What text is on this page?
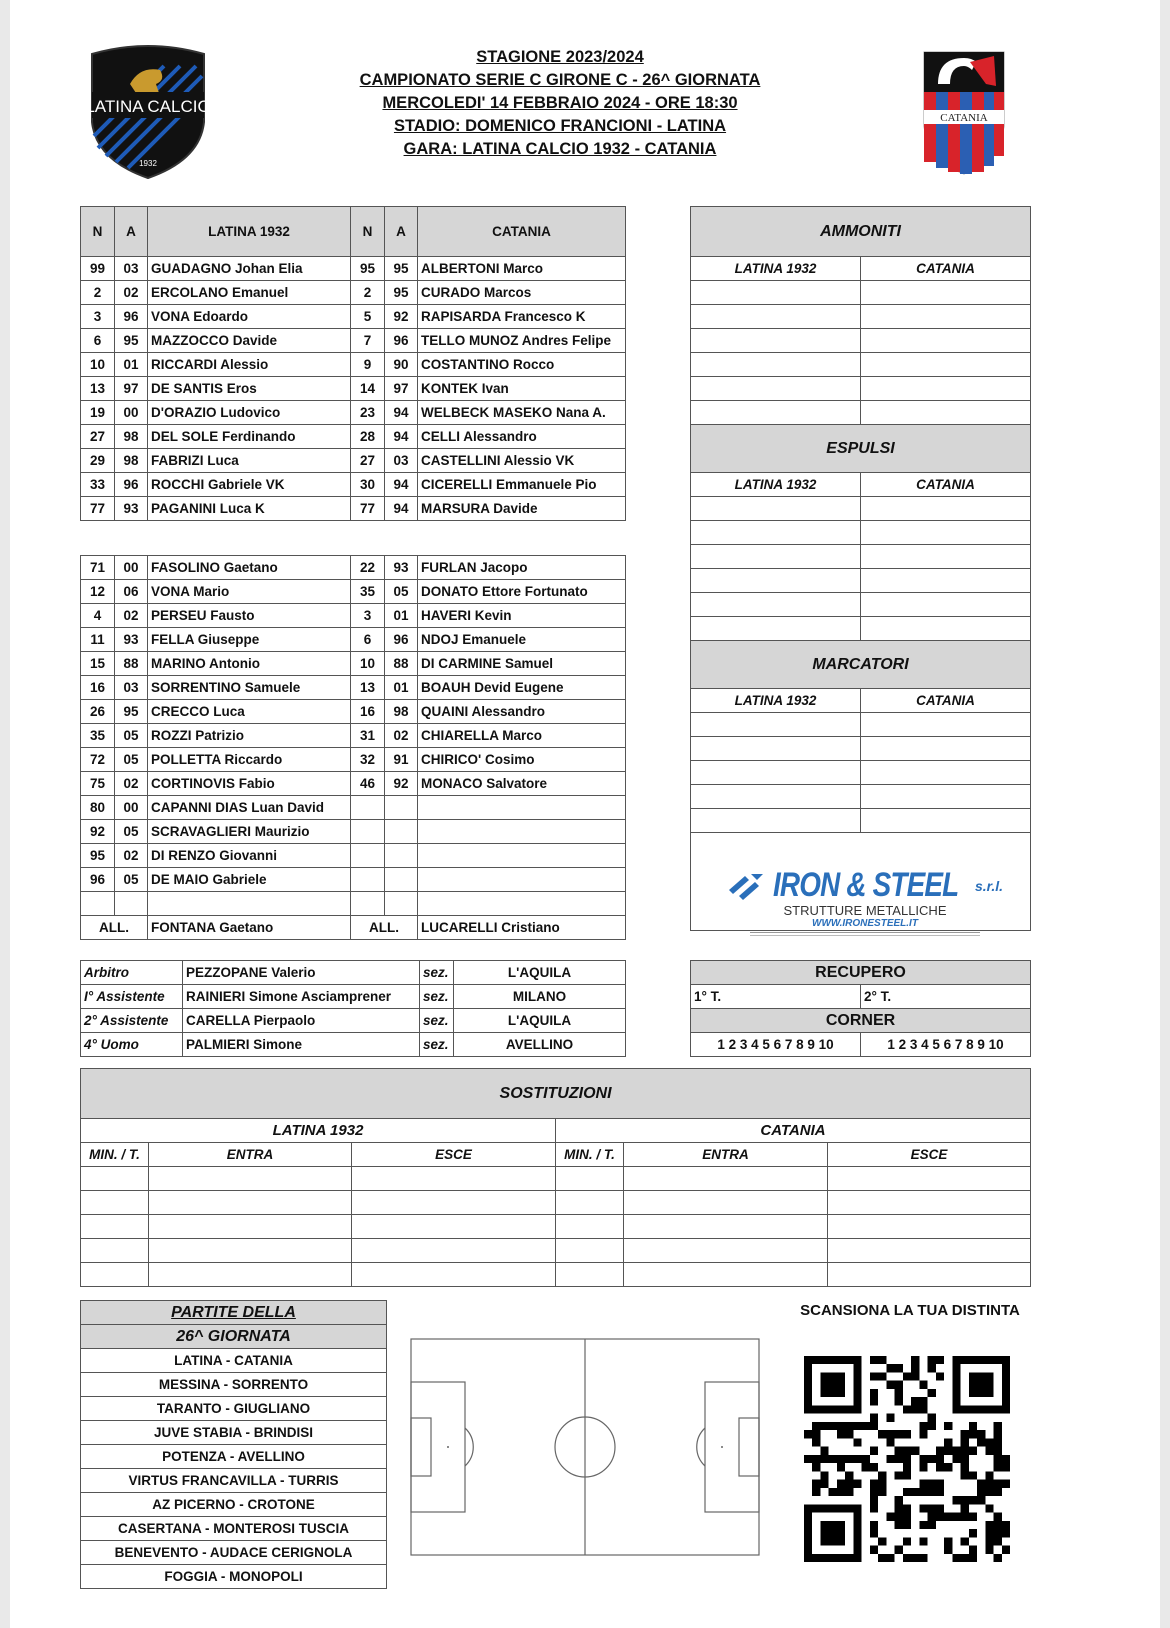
LATINA CALCIO
1932
STAGIONE 2023/2024
CAMPIONATO SERIE C GIRONE C - 26^ GIORNATA
MERCOLEDI' 14 FEBBRAIO 2024 - ORE 18:30
STADIO: DOMENICO FRANCIONI - LATINA
GARA: LATINA CALCIO 1932 - CATANIA
CATANIA
N	A	LATINA 1932	N	A	CATANIA
99	03	GUADAGNO Johan Elia	95	95	ALBERTONI Marco
2	02	ERCOLANO Emanuel	2	95	CURADO Marcos
3	96	VONA Edoardo	5	92	RAPISARDA Francesco K
6	95	MAZZOCCO Davide	7	96	TELLO MUNOZ Andres Felipe
10	01	RICCARDI Alessio	9	90	COSTANTINO Rocco
13	97	DE SANTIS Eros	14	97	KONTEK Ivan
19	00	D'ORAZIO Ludovico	23	94	WELBECK MASEKO Nana A.
27	98	DEL SOLE Ferdinando	28	94	CELLI Alessandro
29	98	FABRIZI Luca	27	03	CASTELLINI Alessio VK
33	96	ROCCHI Gabriele VK	30	94	CICERELLI Emmanuele Pio
77	93	PAGANINI Luca K	77	94	MARSURA Davide
71	00	FASOLINO Gaetano	22	93	FURLAN Jacopo
12	06	VONA Mario	35	05	DONATO Ettore Fortunato
4	02	PERSEU Fausto	3	01	HAVERI Kevin
11	93	FELLA Giuseppe	6	96	NDOJ Emanuele
15	88	MARINO Antonio	10	88	DI CARMINE Samuel
16	03	SORRENTINO Samuele	13	01	BOAUH Devid Eugene
26	95	CRECCO Luca	16	98	QUAINI Alessandro
35	05	ROZZI Patrizio	31	02	CHIARELLA Marco
72	05	POLLETTA Riccardo	32	91	CHIRICO' Cosimo
75	02	CORTINOVIS Fabio	46	92	MONACO Salvatore
80	00	CAPANNI DIAS Luan David			
92	05	SCRAVAGLIERI Maurizio			
95	02	DI RENZO Giovanni			
96	05	DE MAIO Gabriele			

ALL.		FONTANA Gaetano	ALL.		LUCARELLI Cristiano
AMMONITI	
LATINA 1932	CATANIA

ESPULSI	
LATINA 1932	CATANIA

MARCATORI	
LATINA 1932	CATANIA

IRON & STEEL s.r.l.
STRUTTURE METALLICHE
WWW.IRONESTEEL.IT
Arbitro	PEZZOPANE Valerio	sez.	L'AQUILA
I° Assistente	RAINIERI Simone Asciamprener	sez.	MILANO
2° Assistente	CARELLA Pierpaolo	sez.	L'AQUILA
4° Uomo	PALMIERI Simone	sez.	AVELLINO
RECUPERO	
1° T.	2° T.
CORNER	
1 2 3 4 5 6 7 8 9 10	1 2 3 4 5 6 7 8 9 10
SOSTITUZIONI					
LATINA 1932			CATANIA		
MIN. / T.	ENTRA	ESCE	MIN. / T.	ENTRA	ESCE

PARTITE DELLA
26^ GIORNATA
LATINA - CATANIA
MESSINA - SORRENTO
TARANTO - GIUGLIANO
JUVE STABIA - BRINDISI
POTENZA - AVELLINO
VIRTUS FRANCAVILLA - TURRIS
AZ PICERNO - CROTONE
CASERTANA - MONTEROSI TUSCIA
BENEVENTO - AUDACE CERIGNOLA
FOGGIA - MONOPOLI
SCANSIONA LA TUA DISTINTA
